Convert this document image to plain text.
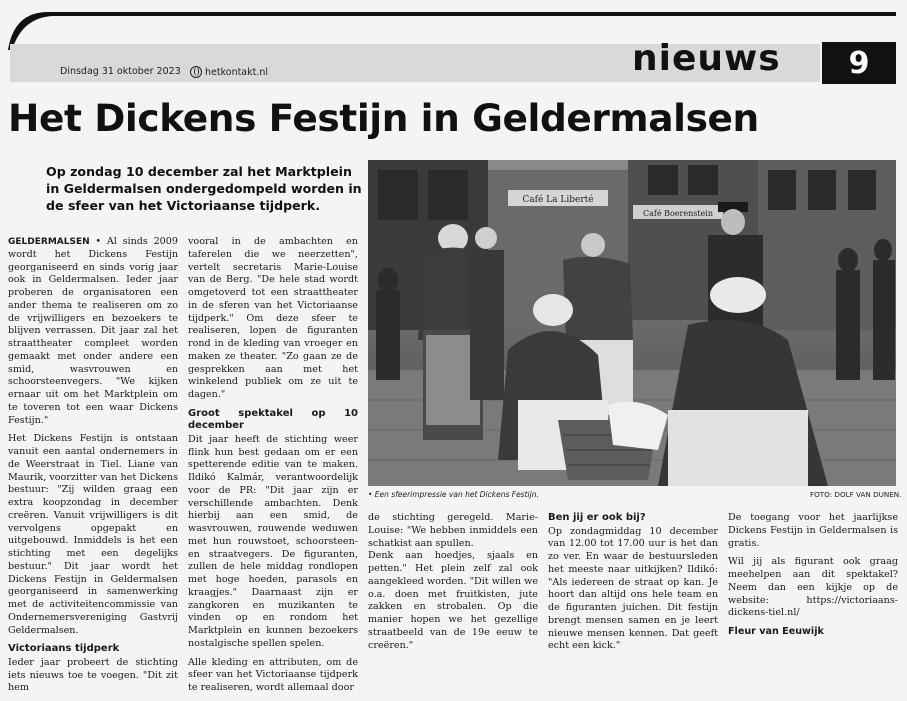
Dinsdag 31 oktober 2023	hetkontakt.nl	nieuws	9
Het Dickens Festijn in Geldermalsen
Op zondag 10 december zal het Marktplein in Geldermalsen ondergedompeld worden in de sfeer van het Victoriaanse tijdperk.

GELDERMALSEN • Al sinds 2009 wordt het Dickens Festijn georganiseerd en sinds vorig jaar ook in Geldermalsen. Ieder jaar proberen de organisatoren een ander thema te realiseren om zo de vrijwilligers en bezoekers te blijven verrassen. Dit jaar zal het straattheater compleet worden gemaakt met onder andere een smid, wasvrouwen en schoorsteenvegers. "We kijken ernaar uit om het Marktplein om te toveren tot een waar Dickens Festijn."

Het Dickens Festijn is ontstaan vanuit een aantal ondernemers in de Weerstraat in Tiel. Liane van Maurik, voorzitter van het Dickens bestuur: "Zij wilden graag een extra koopzondag in december creëren. Vanuit vrijwilligers is dit vervolgens opgepakt en uitgebouwd. Inmiddels is het een stichting met een degelijks bestuur." Dit jaar wordt het Dickens Festijn in Geldermalsen georganiseerd in samenwerking met de activiteitencommissie van Ondernemersvereniging Gastvrij Geldermalsen.

Victoriaans tijdperk

Ieder jaar probeert de stichting iets nieuws toe te voegen. "Dit zit hem

vooral in de ambachten en taferelen die we neerzetten", vertelt secretaris Marie-Louise van de Berg. "De hele stad wordt omgetoverd tot een straattheater in de sferen van het Victoriaanse tijdperk." Om deze sfeer te realiseren, lopen de figuranten rond in de kleding van vroeger en maken ze theater. "Zo gaan ze de gesprekken aan met het winkelend publiek om ze uit te dagen."

Groot spektakel op 10 december

Dit jaar heeft de stichting weer flink hun best gedaan om er een spetterende editie van te maken. Ildikó Kalmár, verantwoordelijk voor de PR: "Dit jaar zijn er verschillende ambachten. Denk hierbij aan een smid, de wasvrouwen, rouwende weduwen met hun rouwstoet, schoorsteen- en straatvegers. De figuranten, zullen de hele middag rondlopen met hoge hoeden, parasols en kraagjes." Daarnaast zijn er zangkoren en muzikanten te vinden op en rondom het Marktplein en kunnen bezoekers nostalgische spellen spelen.

Alle kleding en attributen, om de sfeer van het Victoriaanse tijdperk te realiseren, wordt allemaal door

Café La Liberté
Café Boerenstein
• Een sfeerimpressie van het Dickens Festijn.	FOTO: DOLF VAN DUNEN.

de stichting geregeld. Marie-Louise: "We hebben inmiddels een schatkist aan spullen.

Denk aan hoedjes, sjaals en petten." Het plein zelf zal ook aangekleed worden. "Dit willen we o.a. doen met fruitkisten, jute zakken en strobalen. Op die manier hopen we het gezellige straatbeeld van de 19e eeuw te creëren."

Ben jij er ook bij?

Op zondagmiddag 10 december van 12.00 tot 17.00 uur is het dan zo ver. En waar de bestuursleden het meeste naar uitkijken? Ildikó: "Als iedereen de straat op kan. Je hoort dan altijd ons hele team en de figuranten juichen. Dit festijn brengt mensen samen en je leert nieuwe mensen kennen. Dat geeft echt een kick."

De toegang voor het jaarlijkse Dickens Festijn in Geldermalsen is gratis.

Wil jij als figurant ook graag meehelpen aan dit spektakel? Neem dan een kijkje op de website: https://victoriaans-dickens-tiel.nl/

Fleur van Eeuwijk
